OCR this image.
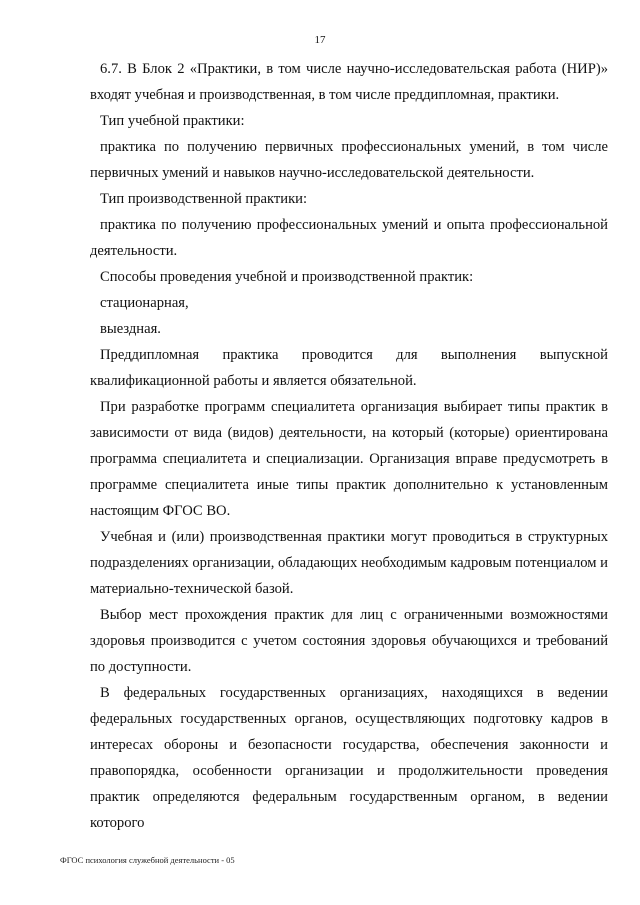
17

6.7. В Блок 2 «Практики, в том числе научно-исследовательская работа (НИР)» входят учебная и производственная, в том числе преддипломная, практики.

Тип учебной практики:

практика по получению первичных профессиональных умений, в том числе первичных умений и навыков научно-исследовательской деятельности.

Тип производственной практики:

практика по получению профессиональных умений и опыта профессиональной деятельности.

Способы проведения учебной и производственной практик:

стационарная,

выездная.

Преддипломная практика проводится для выполнения выпускной квалификационной работы и является обязательной.

При разработке программ специалитета организация выбирает типы практик в зависимости от вида (видов) деятельности, на который (которые) ориентирована программа специалитета и специализации. Организация вправе предусмотреть в программе специалитета иные типы практик дополнительно к установленным настоящим ФГОС ВО.

Учебная и (или) производственная практики могут проводиться в структурных подразделениях организации, обладающих необходимым кадровым потенциалом и материально-технической базой.

Выбор мест прохождения практик для лиц с ограниченными возможностями здоровья производится с учетом состояния здоровья обучающихся и требований по доступности.

В федеральных государственных организациях, находящихся в ведении федеральных государственных органов, осуществляющих подготовку кадров в интересах обороны и безопасности государства, обеспечения законности и правопорядка, особенности организации и продолжительности проведения практик определяются федеральным государственным органом, в ведении которого

ФГОС психология служебной деятельности - 05
